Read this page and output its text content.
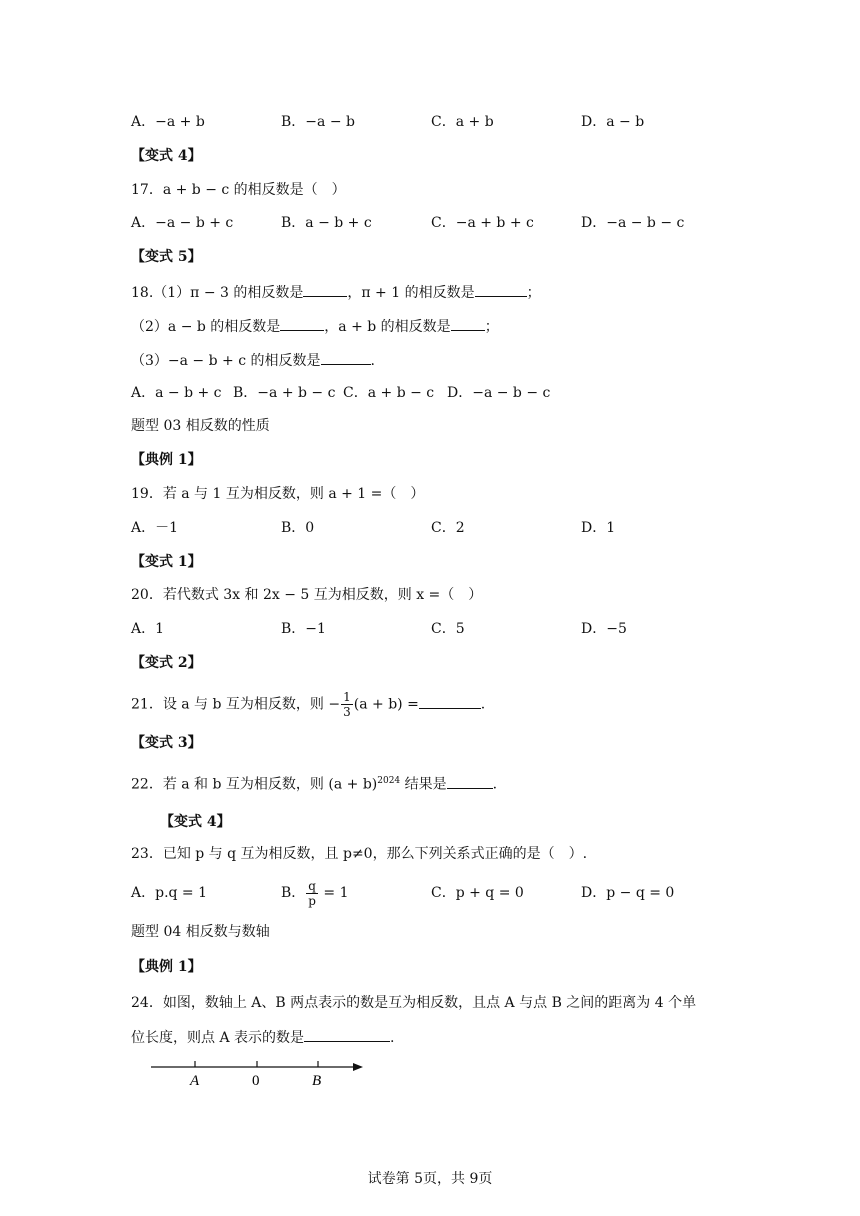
A．−a + b	B．−a − b	C．a + b	D．a − b
【变式 4】
17．a + b − c 的相反数是（　）
A．−a − b + c	B．a − b + c	C．−a + b + c	D．−a − b − c
【变式 5】
18.（1）π − 3 的相反数是	，π + 1 的相反数是	；
（2）a − b 的相反数是	，a + b 的相反数是 ；
（3）−a − b + c 的相反数是	.
A．a − b + c B．−a + b − c C．a + b − c D．−a − b − c
题型 03 相反数的性质
【典例 1】
19．若 a 与 1 互为相反数，则 a + 1 =（　）
A．－1	B．0	C．2	D．1
【变式 1】
20．若代数式 3x 和 2x − 5 互为相反数，则 x =（　）
A．1	B．−1	C．5	D．−5
【变式 2】
21．设 a 与 b 互为相反数，则 − $\frac{1}{3} (a + b)$ =	.
【变式 3】
22．若 a 和 b 互为相反数，则 $(a + b)^{2024}$ 结果是	.
【变式 4】
23．已知 p 与 q 互为相反数，且 p≠0，那么下列关系式正确的是（　）.
A．p.q = 1	B． $\frac{q}{p} = 1$	C．p + q = 0	D．p − q = 0
题型 04 相反数与数轴
【典例 1】
24．如图，数轴上 A、B 两点表示的数是互为相反数，且点 A 与点 B 之间的距离为 4 个单
位长度，则点 A 表示的数是	.
A	0	B
试卷第 5页，共 9页
